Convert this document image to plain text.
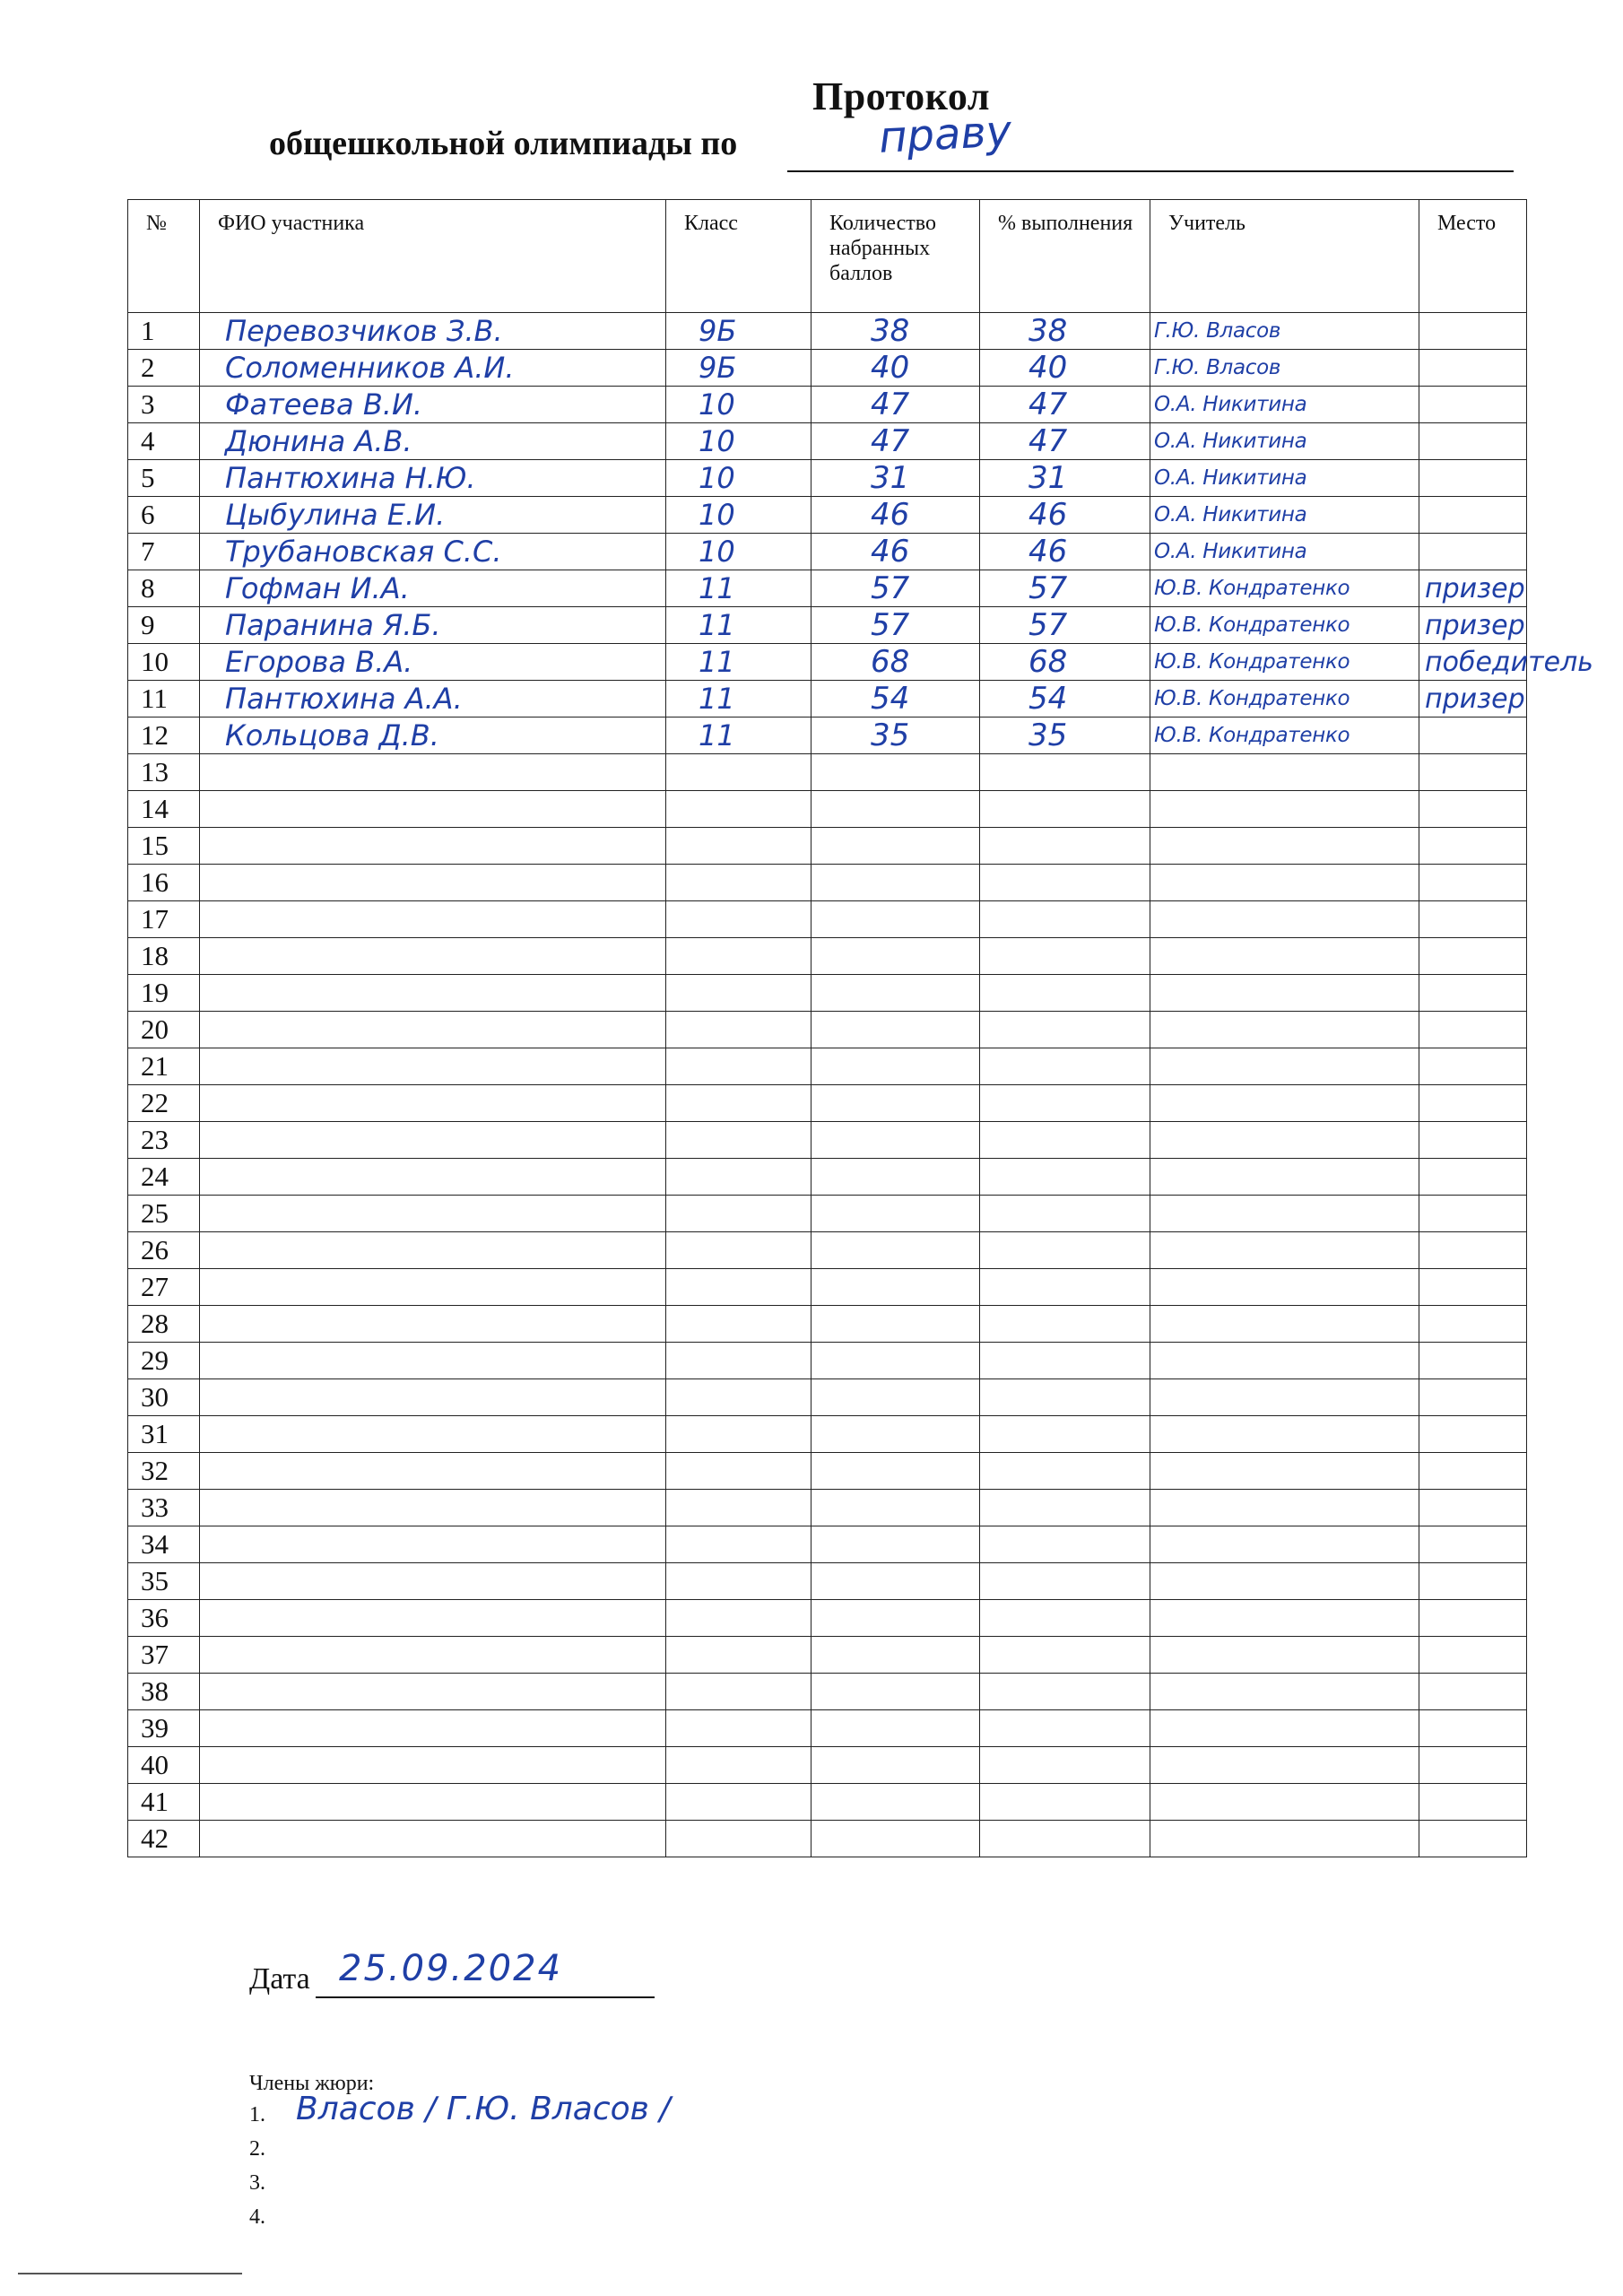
Протокол
общешкольной олимпиады по	праву
№	ФИО участника	Класс	Количество набранных баллов	% выполнения	Учитель	Место
1	Перевозчиков З.В.	9Б	38	38	Г.Ю. Власов	
2	Соломенников А.И.	9Б	40	40	Г.Ю. Власов	
3	Фатеева В.И.	10	47	47	О.А. Никитина	
4	Дюнина А.В.	10	47	47	О.А. Никитина	
5	Пантюхина Н.Ю.	10	31	31	О.А. Никитина	
6	Цыбулина Е.И.	10	46	46	О.А. Никитина	
7	Трубановская С.С.	10	46	46	О.А. Никитина	
8	Гофман И.А.	11	57	57	Ю.В. Кондратенко	призер
9	Паранина Я.Б.	11	57	57	Ю.В. Кондратенко	призер
10	Егорова В.А.	11	68	68	Ю.В. Кондратенко	победитель
11	Пантюхина А.А.	11	54	54	Ю.В. Кондратенко	призер
12	Кольцова Д.В.	11	35	35	Ю.В. Кондратенко	
13						
14						
15						
16						
17						
18						
19						
20						
21						
22						
23						
24						
25						
26						
27						
28						
29						
30						
31						
32						
33						
34						
35						
36						
37						
38						
39						
40						
41						
42						
Дата 25.09.2024
Члены жюри:
1. Власов / Г.Ю. Власов /
2.
3.
4.
